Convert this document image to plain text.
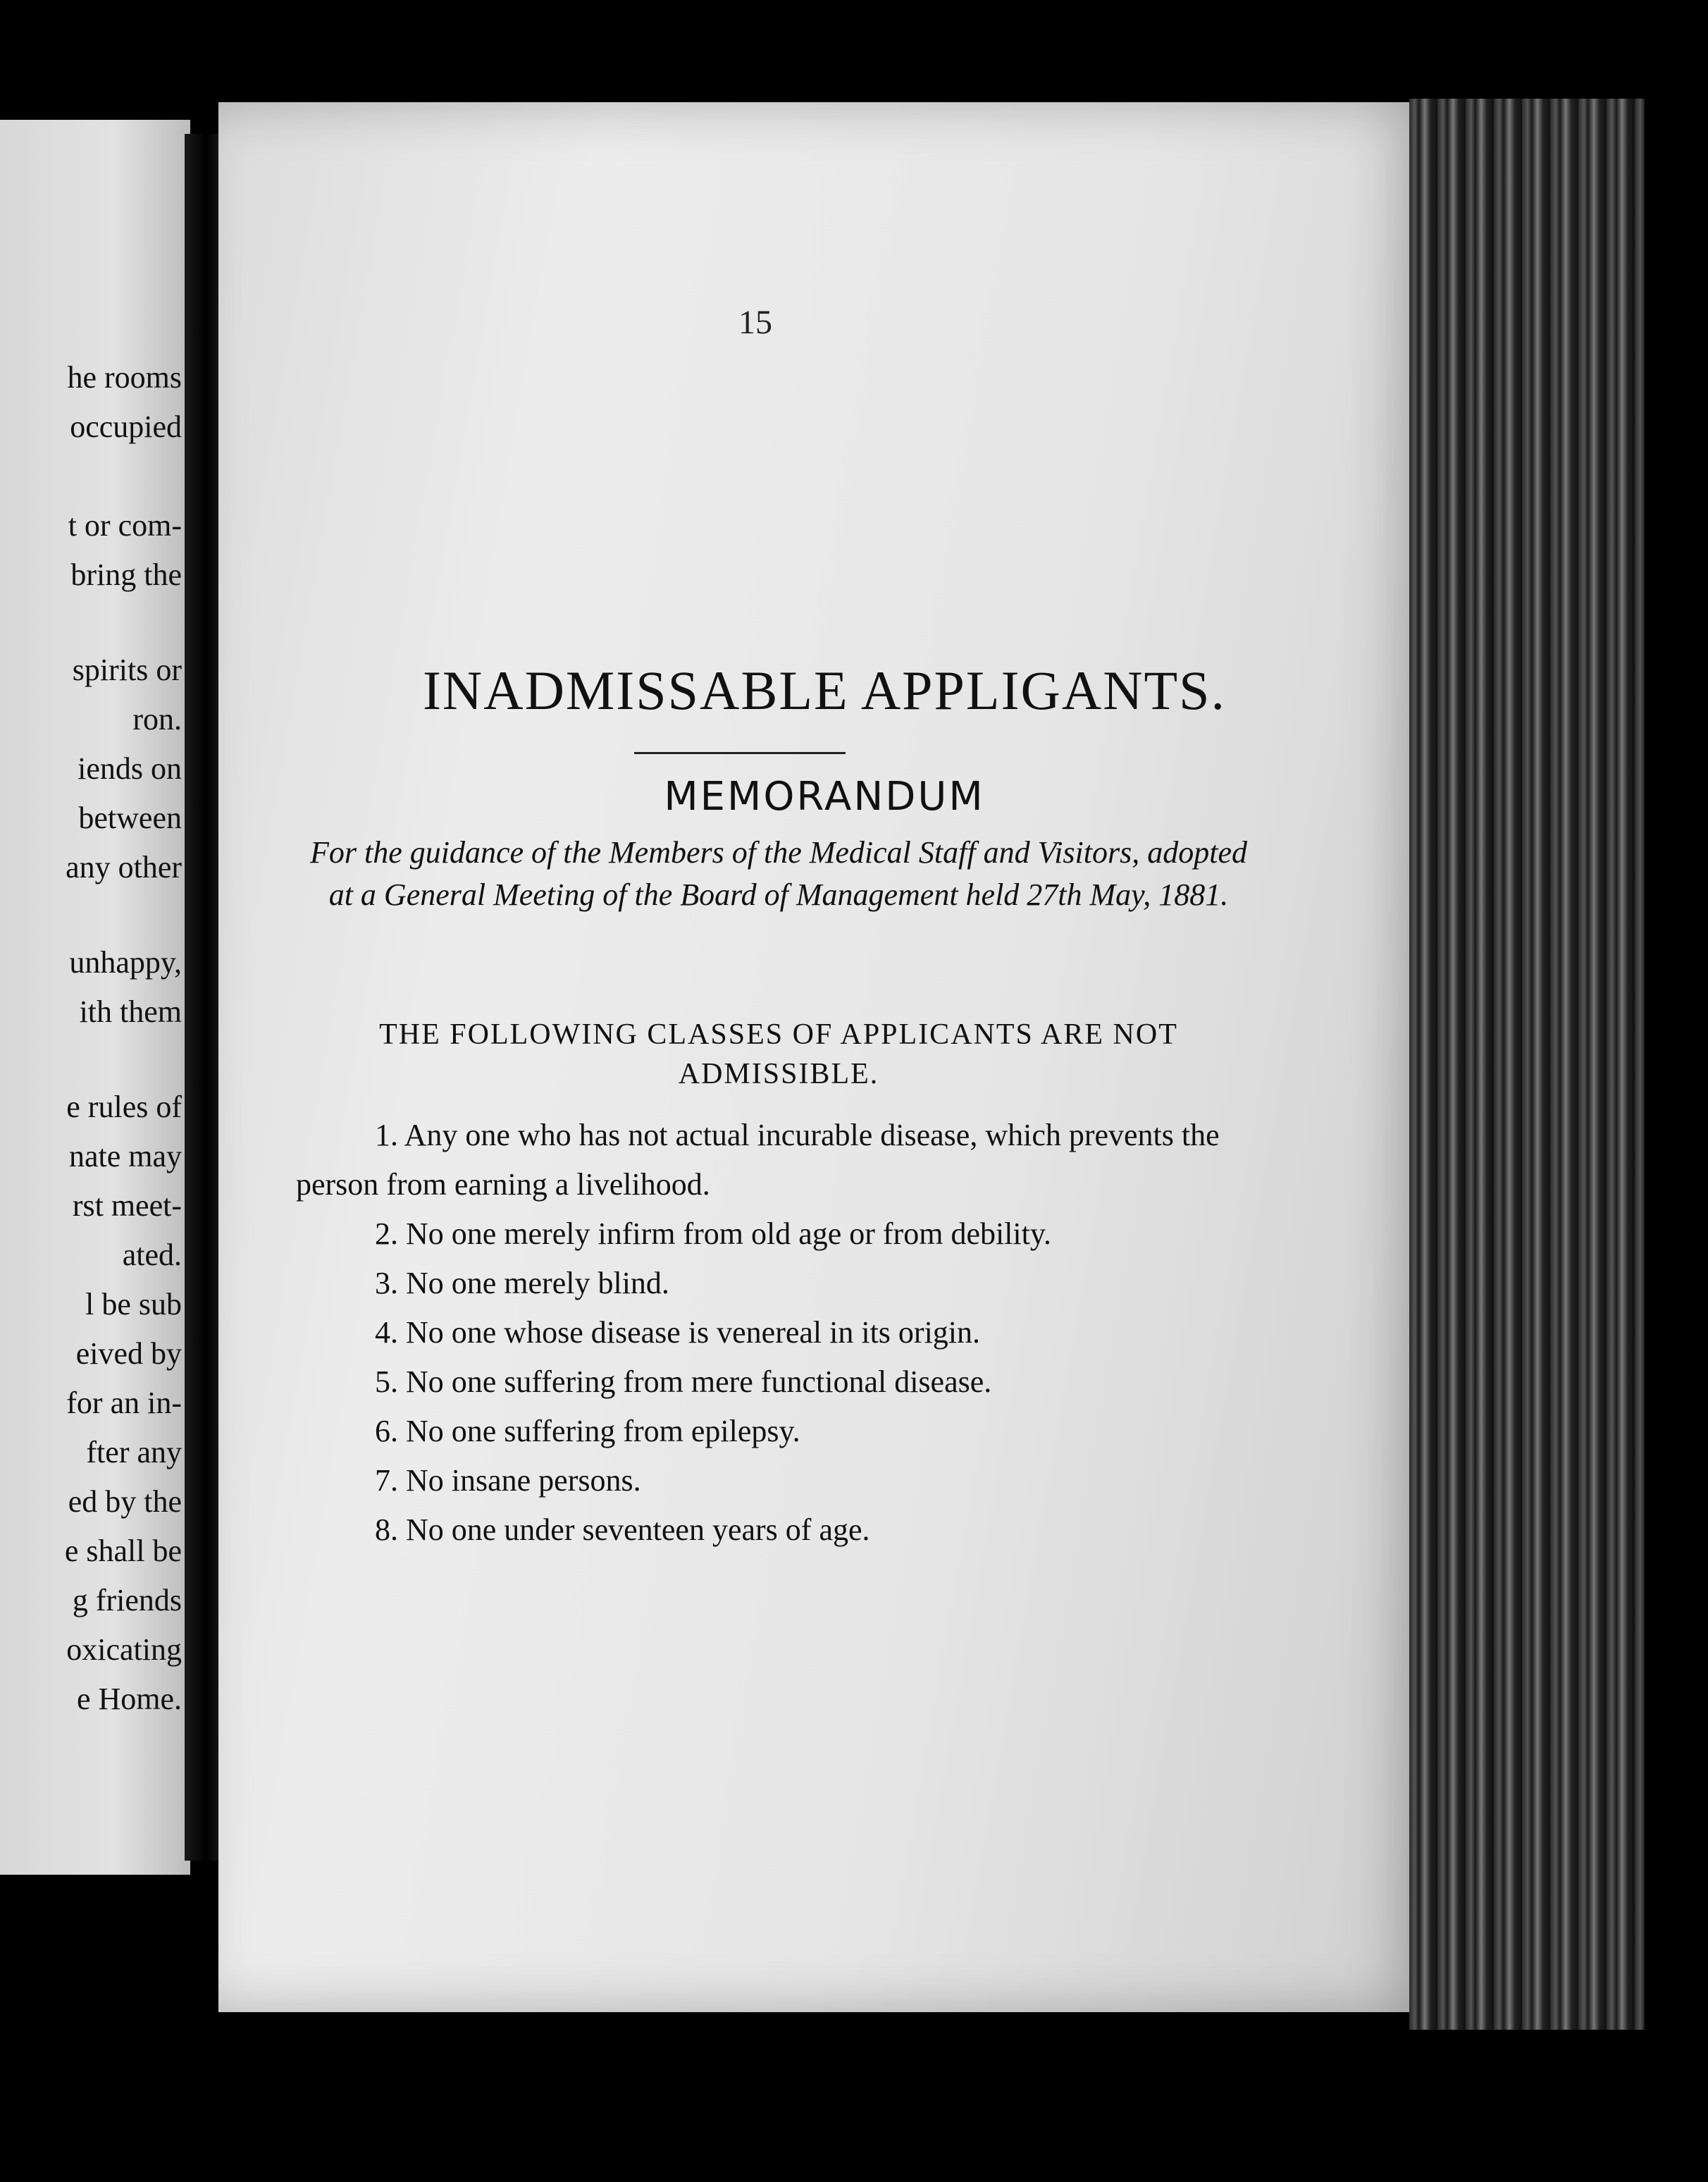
he rooms
occupied
t or com-
bring the
spirits or
ron.
iends on
between
any other
unhappy,
ith them
e rules of
nate may
rst meet-
ated.
l be sub
eived by
for an in-
fter any
ed by the
e shall be
g friends
oxicating
e Home.
15
INADMISSABLE APPLIGANTS.
MEMORANDUM
For the guidance of the Members of the Medical Staff and Visitors, adopted at a General Meeting of the Board of Management held 27th May, 1881.
THE FOLLOWING CLASSES OF APPLICANTS ARE NOT ADMISSIBLE.
1. Any one who has not actual incurable disease, which prevents the person from earning a livelihood.
2. No one merely infirm from old age or from debility.
3. No one merely blind.
4. No one whose disease is venereal in its origin.
5. No one suffering from mere functional disease.
6. No one suffering from epilepsy.
7. No insane persons.
8. No one under seventeen years of age.
